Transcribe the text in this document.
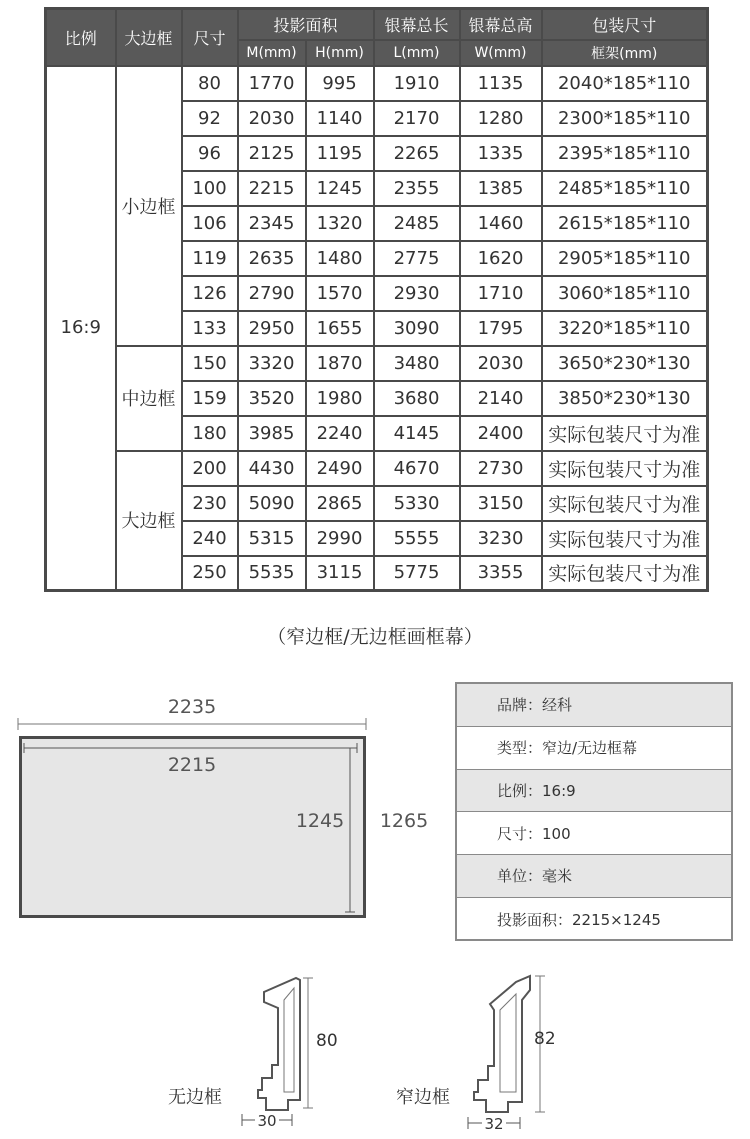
比例	大边框	尺寸	投影面积		银幕总长	银幕总高	包装尺寸
			M(mm)	H(mm)	L(mm)	W(mm)	框架(mm)
16:9	小边框	80	1770	995	1910	1135	2040*185*110
		92	2030	1140	2170	1280	2300*185*110
		96	2125	1195	2265	1335	2395*185*110
		100	2215	1245	2355	1385	2485*185*110
		106	2345	1320	2485	1460	2615*185*110
		119	2635	1480	2775	1620	2905*185*110
		126	2790	1570	2930	1710	3060*185*110
		133	2950	1655	3090	1795	3220*185*110
	中边框	150	3320	1870	3480	2030	3650*230*130
		159	3520	1980	3680	2140	3850*230*130
		180	3985	2240	4145	2400	实际包装尺寸为准
	大边框	200	4430	2490	4670	2730	实际包装尺寸为准
		230	5090	2865	5330	3150	实际包装尺寸为准
		240	5315	2990	5555	3230	实际包装尺寸为准
		250	5535	3115	5775	3355	实际包装尺寸为准
（窄边框/无边框画框幕）
2235
2215
1245 1265
品牌：经科
类型：窄边/无边框幕
比例：16:9
尺寸：100
单位：毫米
投影面积：2215×1245
80
无边框
30
82
窄边框
32
